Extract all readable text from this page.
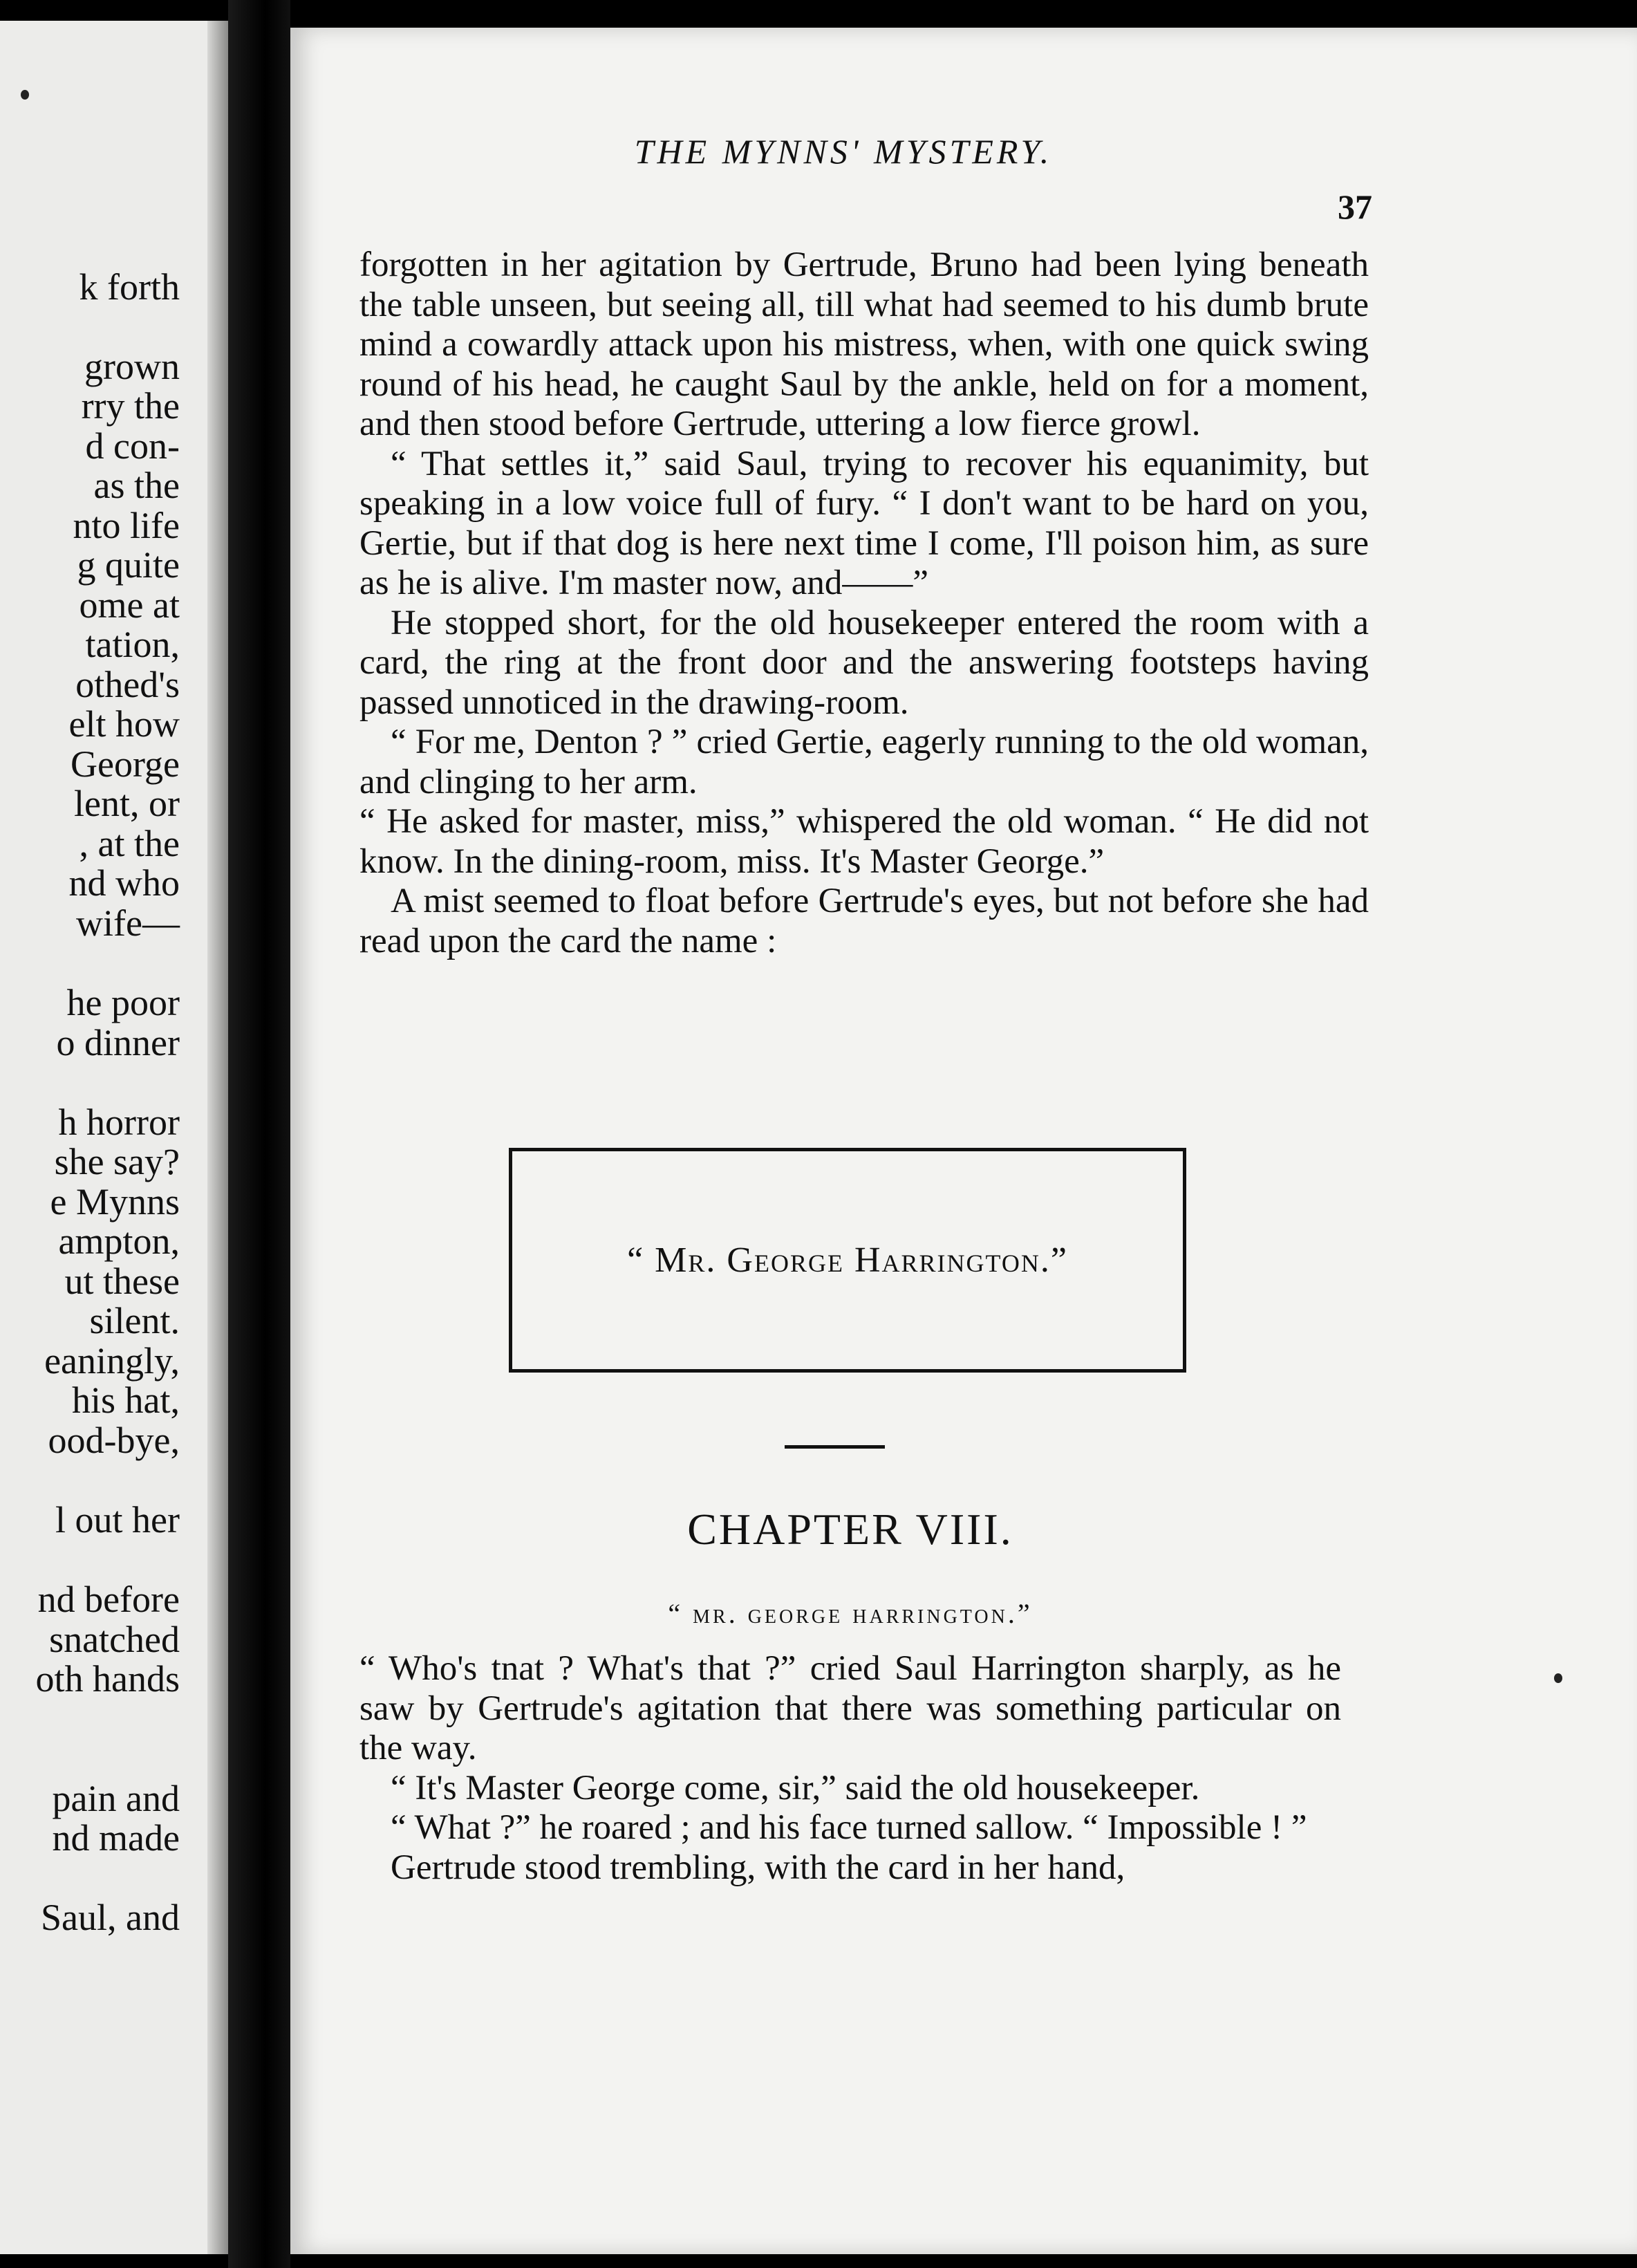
k forth
grown
rry the
d con-
as the
nto life
g quite
ome at
tation,
othed's
elt how
George
lent, or
, at the
nd who
wife—
he poor
o dinner
h horror
she say?
e Mynns
ampton,
ut these
silent.
eaningly,
his hat,
ood-bye,
l out her
nd before
snatched
oth hands
pain and
nd made
Saul, and
THE MYNNS' MYSTERY.
37

forgotten in her agitation by Gertrude, Bruno had been lying beneath the table unseen, but seeing all, till what had seemed to his dumb brute mind a cowardly attack upon his mistress, when, with one quick swing round of his head, he caught Saul by the ankle, held on for a moment, and then stood before Gertrude, uttering a low fierce growl.

“ That settles it,” said Saul, trying to recover his equanimity, but speaking in a low voice full of fury. “ I don't want to be hard on you, Gertie, but if that dog is here next time I come, I'll poison him, as sure as he is alive. I'm master now, and——”

He stopped short, for the old housekeeper entered the room with a card, the ring at the front door and the answering footsteps having passed unnoticed in the drawing-room.

“ For me, Denton ? ” cried Gertie, eagerly running to the old woman, and clinging to her arm.

“ He asked for master, miss,” whispered the old woman. “ He did not know. In the dining-room, miss. It's Master George.”

A mist seemed to float before Gertrude's eyes, but not before she had read upon the card the name :

“ Mr. George Harrington.”
CHAPTER VIII.
“ mr. george harrington.”

“ Who's tnat ? What's that ?” cried Saul Harrington sharply, as he saw by Gertrude's agitation that there was something particular on the way.

“ It's Master George come, sir,” said the old housekeeper.

“ What ?” he roared ; and his face turned sallow. “ Impossible ! ”

Gertrude stood trembling, with the card in her hand,
